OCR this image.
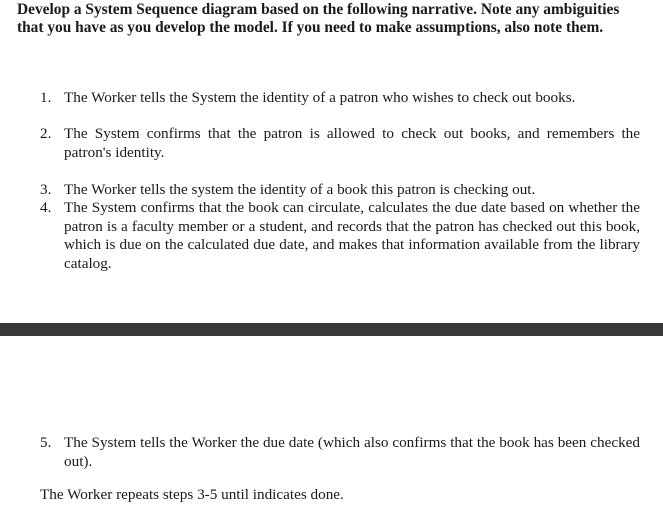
Develop a System Sequence diagram based on the following narrative. Note any ambiguities that you have as you develop the model. If you need to make assumptions, also note them.
1. The Worker tells the System the identity of a patron who wishes to check out books.
2. The System confirms that the patron is allowed to check out books, and remembers the patron's identity.
3. The Worker tells the system the identity of a book this patron is checking out.
4. The System confirms that the book can circulate, calculates the due date based on whether the patron is a faculty member or a student, and records that the patron has checked out this book, which is due on the calculated due date, and makes that information available from the library catalog.
5. The System tells the Worker the due date (which also confirms that the book has been checked out).
The Worker repeats steps 3-5 until indicates done.
